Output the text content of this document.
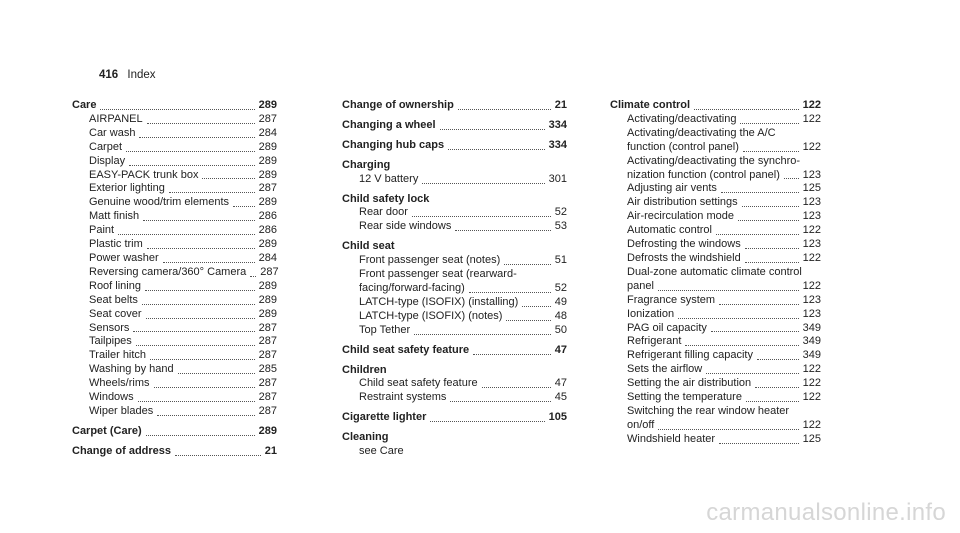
416 Index
Care	289
AIRPANEL	287
Car wash	284
Carpet	289
Display	289
EASY-PACK trunk box	289
Exterior lighting	287
Genuine wood/trim elements	289
Matt finish	286
Paint	286
Plastic trim	289
Power washer	284
Reversing camera/360° Camera 287
Roof lining	289
Seat belts	289
Seat cover	289
Sensors	287
Tailpipes	287
Trailer hitch	287
Washing by hand	285
Wheels/rims	287
Windows	287
Wiper blades	287
Carpet (Care)	289
Change of address	21
Change of ownership	21
Changing a wheel	334
Changing hub caps	334
Charging
12 V battery	301
Child safety lock
Rear door	52
Rear side windows	53
Child seat
Front passenger seat (notes)	51
Front passenger seat (rearward-
facing/forward-facing)	52
LATCH-type (ISOFIX) (installing)	49
LATCH-type (ISOFIX) (notes)	48
Top Tether	50
Child seat safety feature	47
Children
Child seat safety feature	47
Restraint systems	45
Cigarette lighter	105
Cleaning
see Care
Climate control	122
Activating/deactivating	122
Activating/deactivating the A/C
function (control panel)	122
Activating/deactivating the synchro-
nization function (control panel) 123
Adjusting air vents	125
Air distribution settings	123
Air-recirculation mode	123
Automatic control	122
Defrosting the windows	123
Defrosts the windshield	122
Dual-zone automatic climate control
panel	122
Fragrance system	123
Ionization	123
PAG oil capacity	349
Refrigerant	349
Refrigerant filling capacity	349
Sets the airflow	122
Setting the air distribution	122
Setting the temperature	122
Switching the rear window heater
on/off	122
Windshield heater	125
carmanualsonline.info
